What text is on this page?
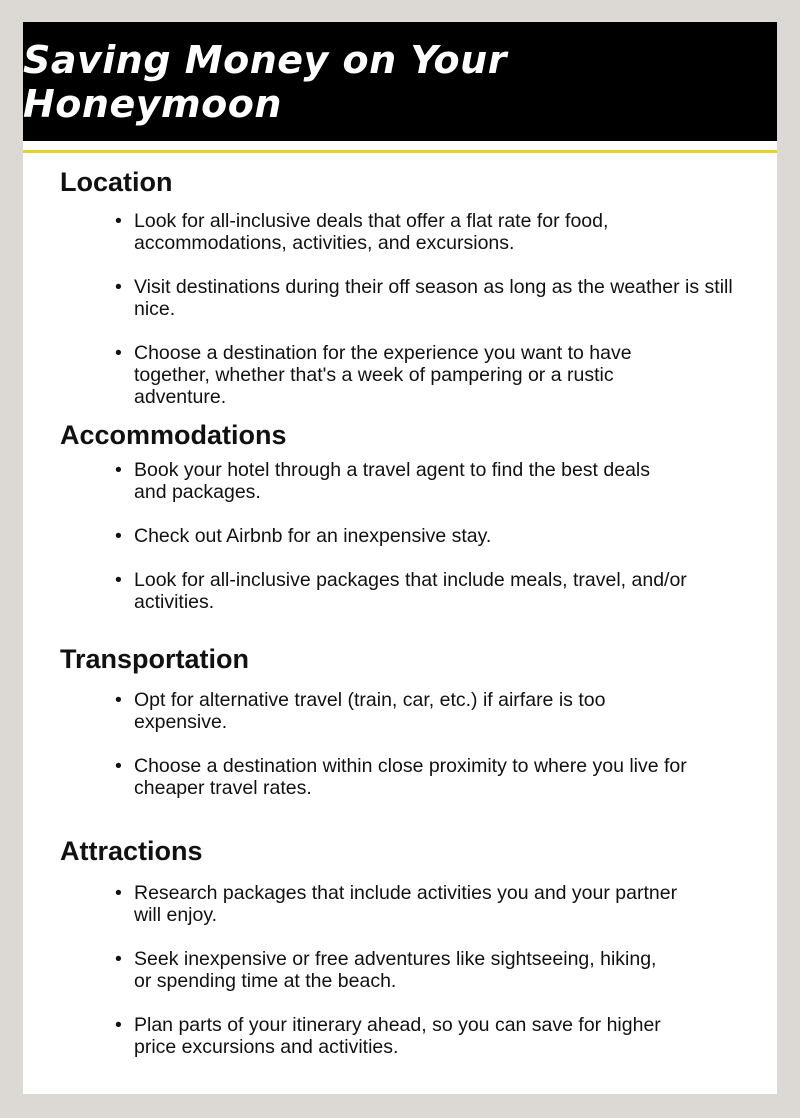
Saving Money on Your Honeymoon
Location
• Look for all-inclusive deals that offer a flat rate for food, accommodations, activities, and excursions.
• Visit destinations during their off season as long as the weather is still nice.
• Choose a destination for the experience you want to have together, whether that's a week of pampering or a rustic adventure.
Accommodations
• Book your hotel through a travel agent to find the best deals and packages.
• Check out Airbnb for an inexpensive stay.
• Look for all-inclusive packages that include meals, travel, and/or activities.
Transportation
• Opt for alternative travel (train, car, etc.) if airfare is too expensive.
• Choose a destination within close proximity to where you live for cheaper travel rates.
Attractions
• Research packages that include activities you and your partner will enjoy.
• Seek inexpensive or free adventures like sightseeing, hiking, or spending time at the beach.
• Plan parts of your itinerary ahead, so you can save for higher price excursions and activities.
